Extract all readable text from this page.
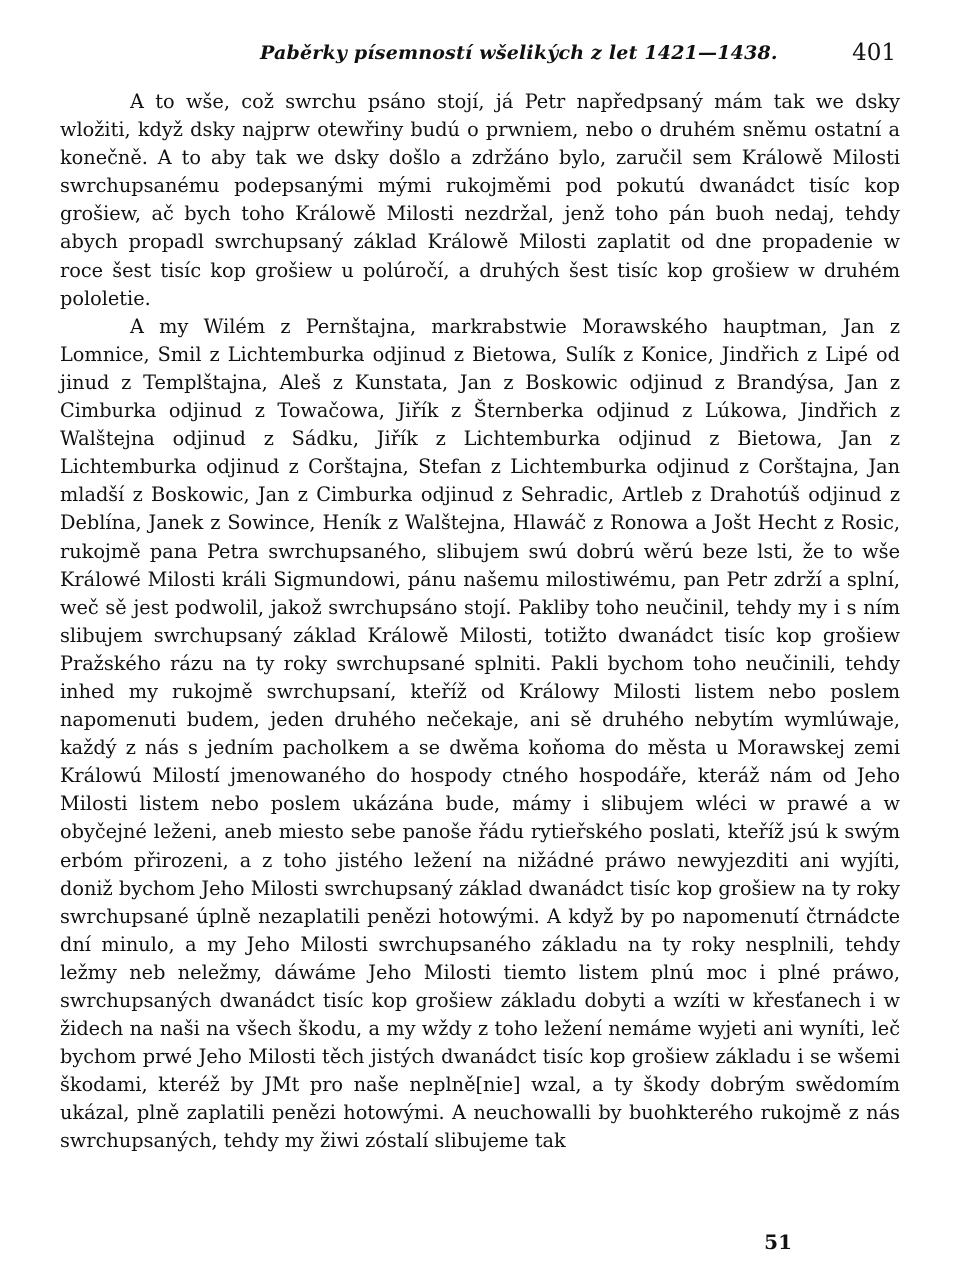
Paběrky písemností wšelikých z let 1421—1438.	401

A to wše, což swrchu psáno stojí, já Petr napředpsaný mám tak we dsky wložiti, když dsky najprw otewřiny budú o prwniem, nebo o druhém sněmu ostatní a konečně. A to aby tak we dsky došlo a zdržáno bylo, zaručil sem Králowě Milosti swrchupsanému podepsanými mými rukojměmi pod pokutú dwanádct tisíc kop grošiew, ač bych toho Králowě Milosti nezdržal, jenž toho pán buoh nedaj, tehdy abych propadl swrchupsaný základ Králowě Milosti zaplatit od dne propadenie w roce šest tisíc kop grošiew u polúročí, a druhých šest tisíc kop grošiew w druhém pololetie.

A my Wilém z Pernštajna, markrabstwie Morawského hauptman, Jan z Lomnice, Smil z Lichtemburka odjinud z Bietowa, Sulík z Konice, Jindřich z Lipé od jinud z Templštajna, Aleš z Kunstata, Jan z Boskowic odjinud z Brandýsa, Jan z Cimburka odjinud z Towačowa, Jiřík z Šternberka odjinud z Lúkowa, Jindřich z Walštejna odjinud z Sádku, Jiřík z Lichtemburka odjinud z Bietowa, Jan z Lichtemburka odjinud z Corštajna, Stefan z Lichtemburka odjinud z Corštajna, Jan mladší z Boskowic, Jan z Cimburka odjinud z Sehradic, Artleb z Drahotúš odjinud z Deblína, Janek z Sowince, Heník z Walštejna, Hlawáč z Ronowa a Jošt Hecht z Rosic, rukojmě pana Petra swrchupsaného, slibujem swú dobrú wěrú beze lsti, že to wše Králowé Milosti králi Sigmundowi, pánu našemu milostiwému, pan Petr zdrží a splní, weč sě jest podwolil, jakož swrchupsáno stojí. Pakliby toho neučinil, tehdy my i s ním slibujem swrchupsaný základ Králowě Milosti, totižto dwanádct tisíc kop grošiew Pražského rázu na ty roky swrchupsané splniti. Pakli bychom toho neučinili, tehdy inhed my rukojmě swrchupsaní, kteříž od Králowy Milosti listem nebo poslem napomenuti budem, jeden druhého nečekaje, ani sě druhého nebytím wymlúwaje, každý z nás s jedním pacholkem a se dwěma koňoma do města u Morawskej zemi Králowú Milostí jmenowaného do hospody ctného hospodáře, kteráž nám od Jeho Milosti listem nebo poslem ukázána bude, mámy i slibujem wléci w prawé a w obyčejné leženi, aneb miesto sebe panoše řádu rytieřského poslati, kteříž jsú k swým erbóm přirozeni, a z toho jistého ležení na nižádné práwo newyjezditi ani wyjíti, doniž bychom Jeho Milosti swrchupsaný základ dwanádct tisíc kop grošiew na ty roky swrchupsané úplně nezaplatili penězi hotowými. A když by po napomenutí čtrnádcte dní minulo, a my Jeho Milosti swrchupsaného základu na ty roky nesplnili, tehdy ležmy neb neležmy, dáwáme Jeho Milosti tiemto listem plnú moc i plné práwo, swrchupsaných dwanádct tisíc kop grošiew základu dobyti a wzíti w křesťanech i w židech na naši na všech škodu, a my wždy z toho ležení nemáme wyjeti ani wyníti, leč bychom prwé Jeho Milosti těch jistých dwanádct tisíc kop grošiew základu i se wšemi škodami, kteréž by JMt pro naše neplně[nie] wzal, a ty škody dobrým swědomím ukázal, plně zaplatili penězi hotowými. A neuchowalli by buohkterého rukojmě z nás swrchupsaných, tehdy my žiwi zóstalí slibujeme tak

51
